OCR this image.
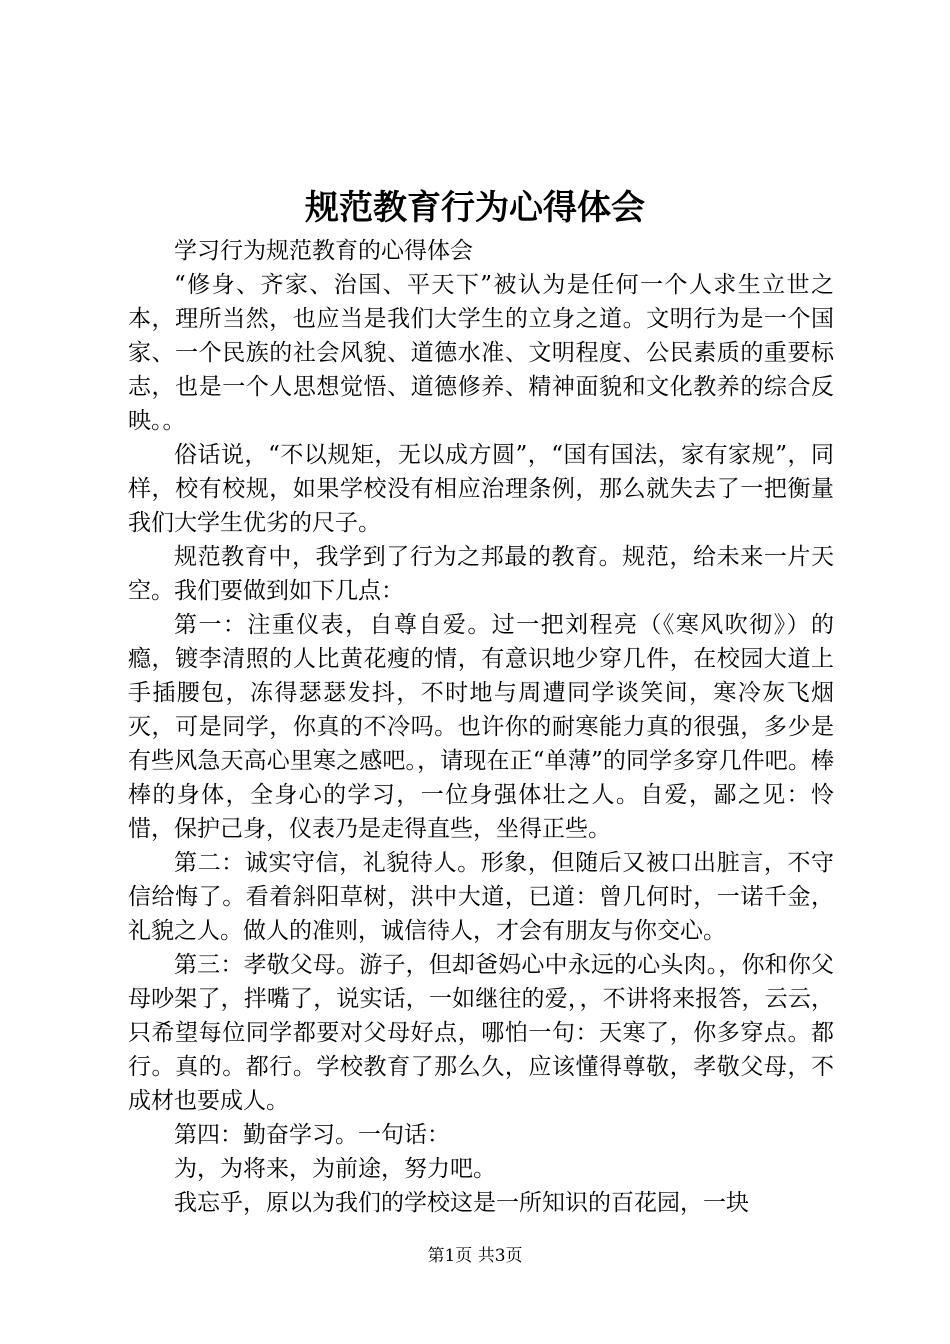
规范教育行为心得体会

学习行为规范教育的心得体会

“修身、齐家、治国、平天下”被认为是任何一个人求生立世之本，理所当然，也应当是我们大学生的立身之道。文明行为是一个国家、一个民族的社会风貌、道德水准、文明程度、公民素质的重要标志，也是一个人思想觉悟、道德修养、精神面貌和文化教养的综合反映。。

俗话说，“不以规矩，无以成方圆”，“国有国法，家有家规”，同样，校有校规，如果学校没有相应治理条例，那么就失去了一把衡量我们大学生优劣的尺子。

规范教育中，我学到了行为之邦最的教育。规范，给未来一片天空。我们要做到如下几点：

第一：注重仪表，自尊自爱。过一把刘程亮（《寒风吹彻》）的瘾，镀李清照的人比黄花瘦的情，有意识地少穿几件，在校园大道上手插腰包，冻得瑟瑟发抖，不时地与周遭同学谈笑间，寒冷灰飞烟灭，可是同学，你真的不冷吗。也许你的耐寒能力真的很强，多少是有些风急天高心里寒之感吧。，请现在正“单薄”的同学多穿几件吧。棒棒的身体，全身心的学习，一位身强体壮之人。自爱，鄙之见：怜惜，保护己身，仪表乃是走得直些，坐得正些。

第二：诚实守信，礼貌待人。形象，但随后又被口出脏言，不守信给悔了。看着斜阳草树，洪中大道，已道：曾几何时，一诺千金，礼貌之人。做人的准则，诚信待人，才会有朋友与你交心。

第三：孝敬父母。游子，但却爸妈心中永远的心头肉。，你和你父母吵架了，拌嘴了，说实话，一如继往的爱，，不讲将来报答，云云，只希望每位同学都要对父母好点，哪怕一句：天寒了，你多穿点。都行。真的。都行。学校教育了那么久，应该懂得尊敬，孝敬父母，不成材也要成人。

第四：勤奋学习。一句话：

为，为将来，为前途，努力吧。

我忘乎，原以为我们的学校这是一所知识的百花园，一块

第1页 共3页
